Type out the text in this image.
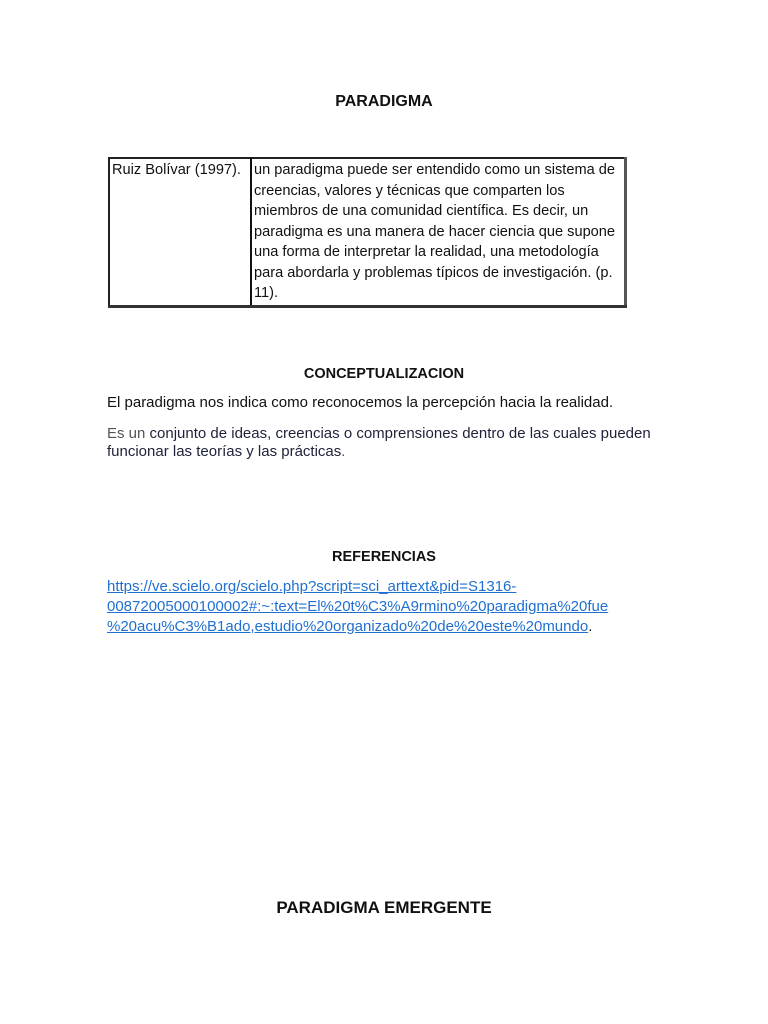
PARADIGMA
Ruiz Bolívar (1997).	un paradigma puede ser entendido como un sistema de creencias, valores y técnicas que comparten los miembros de una comunidad científica. Es decir, un paradigma es una manera de hacer ciencia que supone una forma de interpretar la realidad, una metodología para abordarla y problemas típicos de investigación. (p. 11).
CONCEPTUALIZACION
El paradigma nos indica como reconocemos la percepción hacia la realidad.
Es un conjunto de ideas, creencias o comprensiones dentro de las cuales pueden funcionar las teorías y las prácticas.
REFERENCIAS
https://ve.scielo.org/scielo.php?script=sci_arttext&pid=S1316-
00872005000100002#:~:text=El%20t%C3%A9rmino%20paradigma%20fue
%20acu%C3%B1ado,estudio%20organizado%20de%20este%20mundo.
PARADIGMA EMERGENTE
